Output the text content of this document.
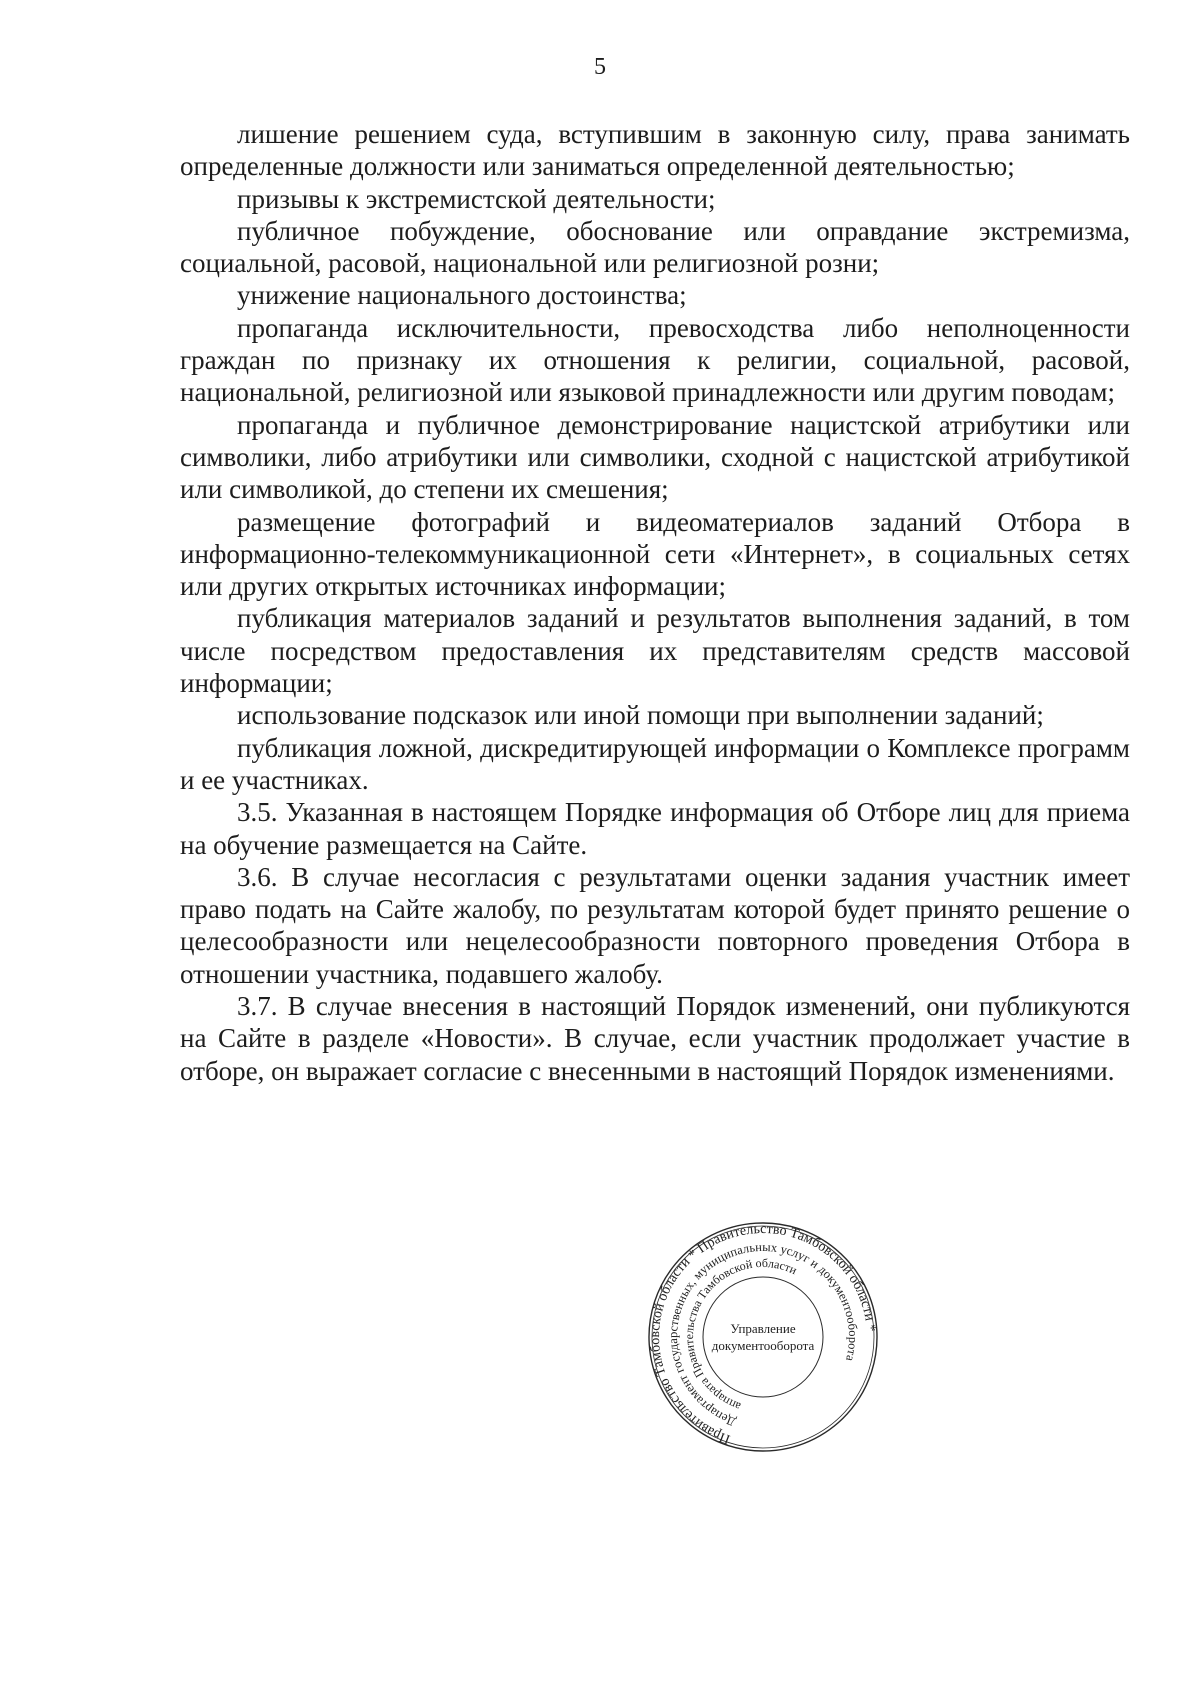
5

лишение решением суда, вступившим в законную силу, права занимать определенные должности или заниматься определенной деятельностью;

призывы к экстремистской деятельности;

публичное побуждение, обоснование или оправдание экстремизма, социальной, расовой, национальной или религиозной розни;

унижение национального достоинства;

пропаганда исключительности, превосходства либо неполноценности граждан по признаку их отношения к религии, социальной, расовой, национальной, религиозной или языковой принадлежности или другим поводам;

пропаганда и публичное демонстрирование нацистской атрибутики или символики, либо атрибутики или символики, сходной с нацистской атрибутикой или символикой, до степени их смешения;

размещение фотографий и видеоматериалов заданий Отбора в информационно-телекоммуникационной сети «Интернет», в социальных сетях или других открытых источниках информации;

публикация материалов заданий и результатов выполнения заданий, в том числе посредством предоставления их представителям средств массовой информации;

использование подсказок или иной помощи при выполнении заданий;

публикация ложной, дискредитирующей информации о Комплексе программ и ее участниках.

3.5. Указанная в настоящем Порядке информация об Отборе лиц для приема на обучение размещается на Сайте.

3.6. В случае несогласия с результатами оценки задания участник имеет право подать на Сайте жалобу, по результатам которой будет принято решение о целесообразности или нецелесообразности повторного проведения Отбора в отношении участника, подавшего жалобу.

3.7. В случае внесения в настоящий Порядок изменений, они публикуются на Сайте в разделе «Новости». В случае, если участник продолжает участие в отборе, он выражает согласие с внесенными в настоящий Порядок изменениями.

Правительство Тамбовской области * Правительство Тамбовской области *
Департамент государственных, муниципальных услуг и документооборота
аппарата Правительства Тамбовской области
Управление
документооборота
